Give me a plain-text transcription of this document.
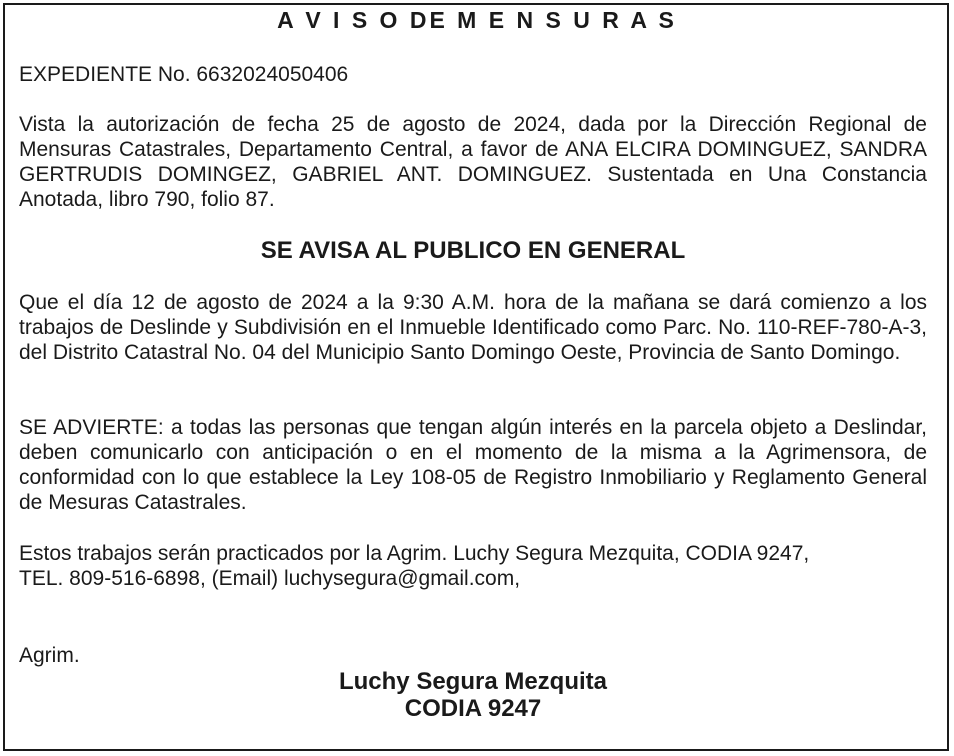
A V I S O DE M E N S U R A S

EXPEDIENTE No. 6632024050406

Vista la autorización de fecha 25 de agosto de 2024, dada por la Dirección Regional de Mensuras Catastrales, Departamento Central, a favor de ANA ELCIRA DOMINGUEZ, SANDRA GERTRUDIS DOMINGEZ, GABRIEL ANT. DOMINGUEZ. Sustentada en Una Constancia Anotada, libro 790, folio 87.

SE AVISA AL PUBLICO EN GENERAL

Que el día 12 de agosto de 2024 a la 9:30 A.M. hora de la mañana se dará comienzo a los trabajos de Deslinde y Subdivisión en el Inmueble Identificado como Parc. No. 110-REF-780-A-3, del Distrito Catastral No. 04 del Municipio Santo Domingo Oeste, Provincia de Santo Domingo.

SE ADVIERTE: a todas las personas que tengan algún interés en la parcela objeto a Deslindar, deben comunicarlo con anticipación o en el momento de la misma a la Agrimensora, de conformidad con lo que establece la Ley 108-05 de Registro Inmobiliario y Reglamento General de Mesuras Catastrales.

Estos trabajos serán practicados por la Agrim. Luchy Segura Mezquita, CODIA 9247,
TEL. 809-516-6898, (Email) luchysegura@gmail.com,

Agrim.

Luchy Segura Mezquita
CODIA 9247
